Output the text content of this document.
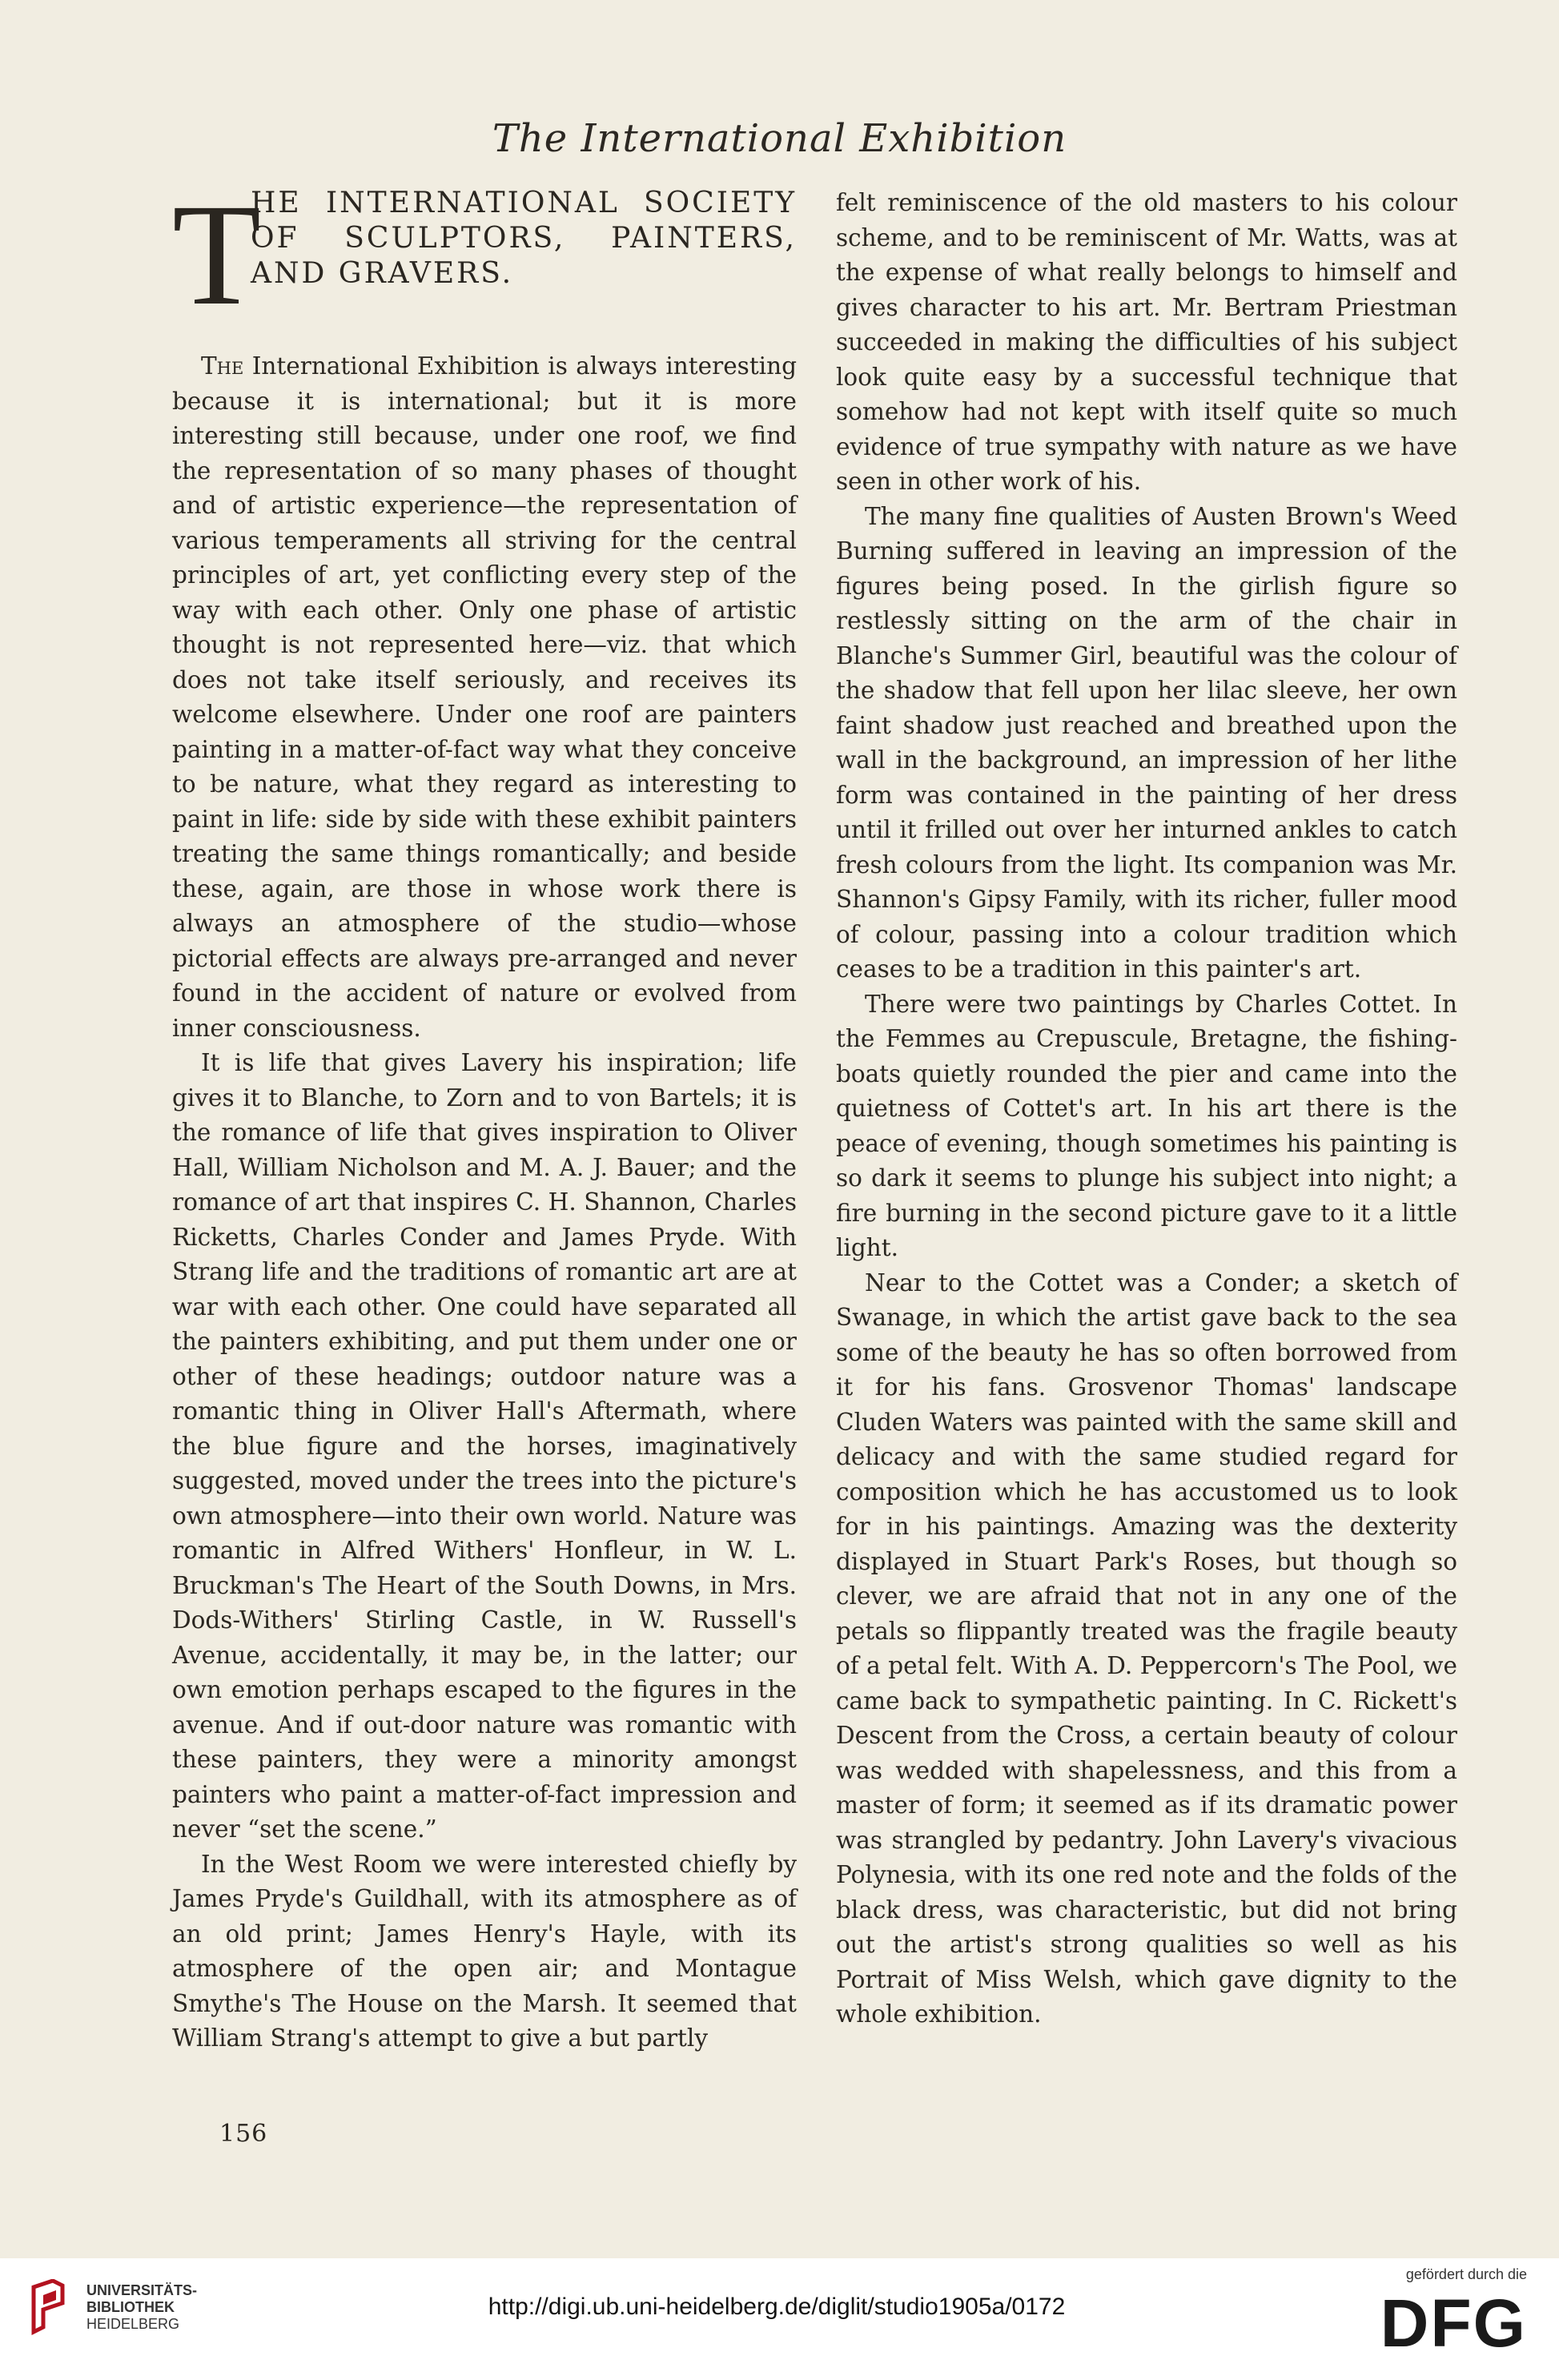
The International Exhibition
T
HE INTERNATIONAL SOCIETY
OF SCULPTORS, PAINTERS,
AND GRAVERS.

The International Exhibition is always interesting because it is international; but it is more interesting still because, under one roof, we find the representation of so many phases of thought and of artistic experience—the representation of various temperaments all striving for the central principles of art, yet conflicting every step of the way with each other. Only one phase of artistic thought is not represented here—viz. that which does not take itself seriously, and receives its welcome elsewhere. Under one roof are painters painting in a matter-of-fact way what they conceive to be nature, what they regard as interesting to paint in life: side by side with these exhibit painters treating the same things romantically; and beside these, again, are those in whose work there is always an atmosphere of the studio—whose pictorial effects are always pre-arranged and never found in the accident of nature or evolved from inner consciousness.

It is life that gives Lavery his inspiration; life gives it to Blanche, to Zorn and to von Bartels; it is the romance of life that gives inspiration to Oliver Hall, William Nicholson and M. A. J. Bauer; and the romance of art that inspires C. H. Shannon, Charles Ricketts, Charles Conder and James Pryde. With Strang life and the traditions of romantic art are at war with each other. One could have separated all the painters exhibiting, and put them under one or other of these headings; outdoor nature was a romantic thing in Oliver Hall's Aftermath, where the blue figure and the horses, imaginatively suggested, moved under the trees into the picture's own atmosphere—into their own world. Nature was romantic in Alfred Withers' Honfleur, in W. L. Bruckman's The Heart of the South Downs, in Mrs. Dods-Withers' Stirling Castle, in W. Russell's Avenue, accidentally, it may be, in the latter; our own emotion perhaps escaped to the figures in the avenue. And if out-door nature was romantic with these painters, they were a minority amongst painters who paint a matter-of-fact impression and never “set the scene.”

In the West Room we were interested chiefly by James Pryde's Guildhall, with its atmosphere as of an old print; James Henry's Hayle, with its atmosphere of the open air; and Montague Smythe's The House on the Marsh. It seemed that William Strang's attempt to give a but partly

felt reminiscence of the old masters to his colour scheme, and to be reminiscent of Mr. Watts, was at the expense of what really belongs to himself and gives character to his art. Mr. Bertram Priestman succeeded in making the difficulties of his subject look quite easy by a successful technique that somehow had not kept with itself quite so much evidence of true sympathy with nature as we have seen in other work of his.

The many fine qualities of Austen Brown's Weed Burning suffered in leaving an impression of the figures being posed. In the girlish figure so restlessly sitting on the arm of the chair in Blanche's Summer Girl, beautiful was the colour of the shadow that fell upon her lilac sleeve, her own faint shadow just reached and breathed upon the wall in the background, an impression of her lithe form was contained in the painting of her dress until it frilled out over her inturned ankles to catch fresh colours from the light. Its companion was Mr. Shannon's Gipsy Family, with its richer, fuller mood of colour, passing into a colour tradition which ceases to be a tradition in this painter's art.

There were two paintings by Charles Cottet. In the Femmes au Crepuscule, Bretagne, the fishing-boats quietly rounded the pier and came into the quietness of Cottet's art. In his art there is the peace of evening, though sometimes his painting is so dark it seems to plunge his subject into night; a fire burning in the second picture gave to it a little light.

Near to the Cottet was a Conder; a sketch of Swanage, in which the artist gave back to the sea some of the beauty he has so often borrowed from it for his fans. Grosvenor Thomas' landscape Cluden Waters was painted with the same skill and delicacy and with the same studied regard for composition which he has accustomed us to look for in his paintings. Amazing was the dexterity displayed in Stuart Park's Roses, but though so clever, we are afraid that not in any one of the petals so flippantly treated was the fragile beauty of a petal felt. With A. D. Peppercorn's The Pool, we came back to sympathetic painting. In C. Rickett's Descent from the Cross, a certain beauty of colour was wedded with shapelessness, and this from a master of form; it seemed as if its dramatic power was strangled by pedantry. John Lavery's vivacious Polynesia, with its one red note and the folds of the black dress, was characteristic, but did not bring out the artist's strong qualities so well as his Portrait of Miss Welsh, which gave dignity to the whole exhibition.

156
UNIVERSITÄTS-
BIBLIOTHEK
HEIDELBERG
http://digi.ub.uni-heidelberg.de/diglit/studio1905a/0172
gefördert durch die
DFG
